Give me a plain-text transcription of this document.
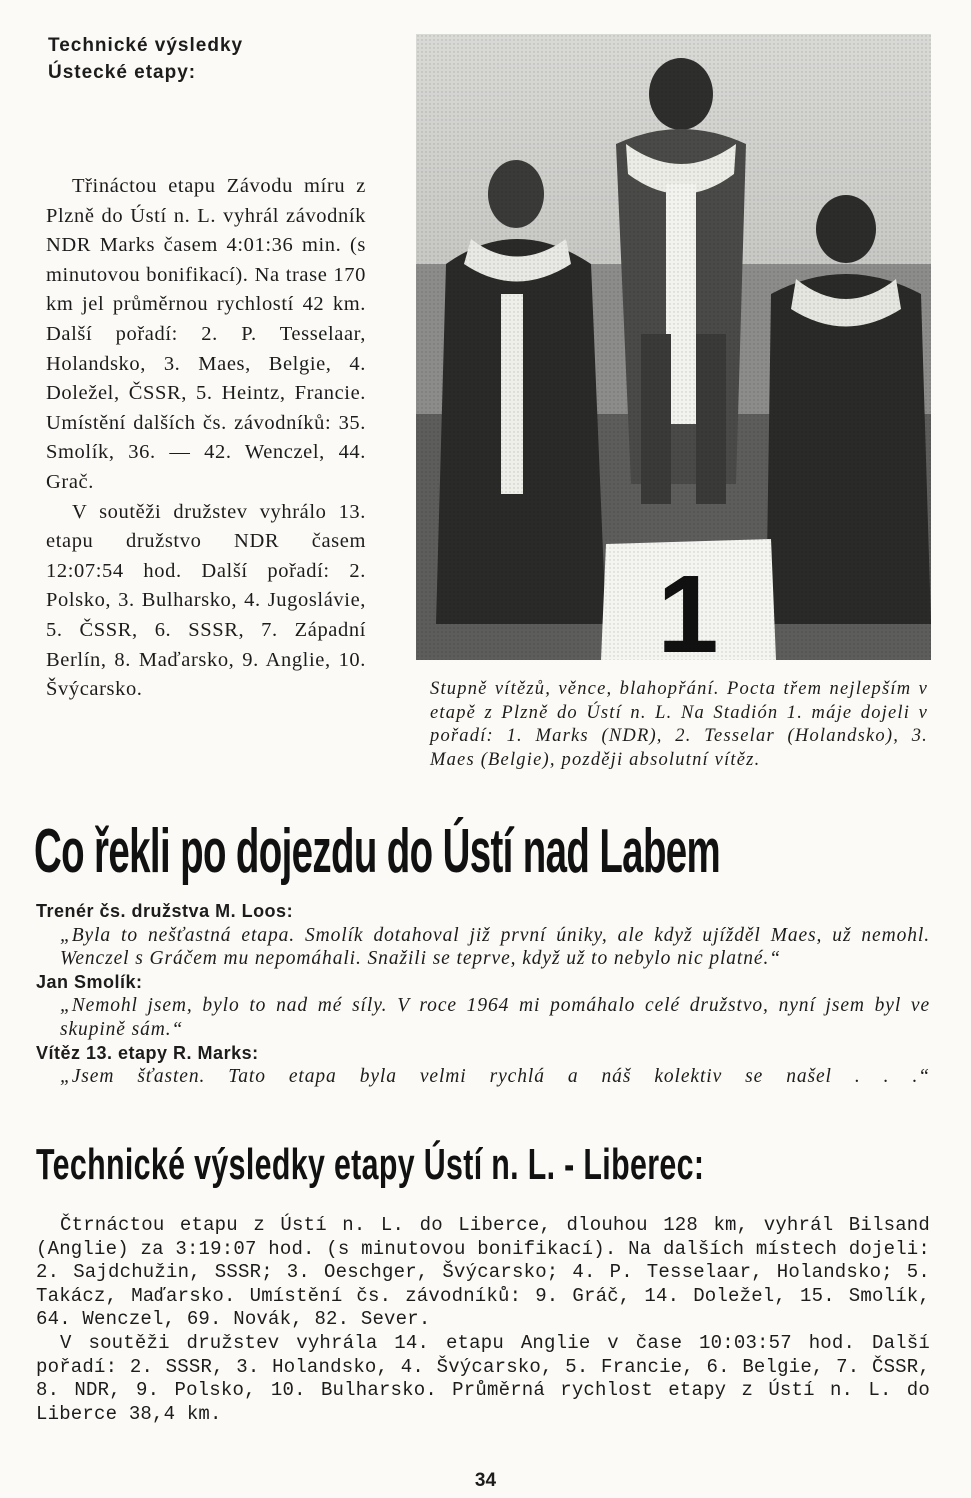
Technické výsledky
Ústecké etapy:

Třináctou etapu Závodu míru z Plzně do Ústí n. L. vyhrál závodník NDR Marks časem 4:01:36 min. (s minutovou bonifikací). Na trase 170 km jel průměrnou rychlostí 42 km. Další pořadí: 2. P. Tesselaar, Holandsko, 3. Maes, Belgie, 4. Doležel, ČSSR, 5. Heintz, Francie. Umístění dalších čs. závodníků: 35. Smolík, 36. — 42. Wenczel, 44. Grač.

V soutěži družstev vyhrálo 13. etapu družstvo NDR časem 12:07:54 hod. Další pořadí: 2. Polsko, 3. Bulharsko, 4. Jugoslávie, 5. ČSSR, 6. SSSR, 7. Západní Berlín, 8. Maďarsko, 9. Anglie, 10. Švýcarsko.	Stupně vítězů, věnce, blahopřání. Pocta třem nejlepším v etapě z Plzně do Ústí n. L. Na Stadión 1. máje dojeli v pořadí: 1. Marks (NDR), 2. Tesselar (Holandsko), 3. Maes (Belgie), později absolutní vítěz.
Co řekli po dojezdu do Ústí nad Labem
Trenér čs. družstva M. Loos:
„Byla to nešťastná etapa. Smolík dotahoval již první úniky, ale když ujížděl Maes, už nemohl. Wenczel s Gráčem mu nepomáhali. Snažili se teprve, když už to nebylo nic platné.“
Jan Smolík:
„Nemohl jsem, bylo to nad mé síly. V roce 1964 mi pomáhalo celé družstvo, nyní jsem byl ve skupině sám.“
Vítěz 13. etapy R. Marks:
„Jsem šťasten. Tato etapa byla velmi rychlá a náš kolektiv se našel . . .“
Technické výsledky etapy Ústí n. L. - Liberec:

Čtrnáctou etapu z Ústí n. L. do Liberce, dlouhou 128 km, vyhrál Bilsand (Anglie) za 3:19:07 hod. (s minutovou bonifikací). Na dalších místech dojeli: 2. Sajdchužin, SSSR; 3. Oeschger, Švýcarsko; 4. P. Tesselaar, Holandsko; 5. Takácz, Maďarsko. Umístění čs. závodníků: 9. Gráč, 14. Doležel, 15. Smolík, 64. Wenczel, 69. Novák, 82. Sever.

V soutěži družstev vyhrála 14. etapu Anglie v čase 10:03:57 hod. Další pořadí: 2. SSSR, 3. Holandsko, 4. Švýcarsko, 5. Francie, 6. Belgie, 7. ČSSR, 8. NDR, 9. Polsko, 10. Bulharsko. Průměrná rychlost etapy z Ústí n. L. do Liberce 38,4 km.

34
